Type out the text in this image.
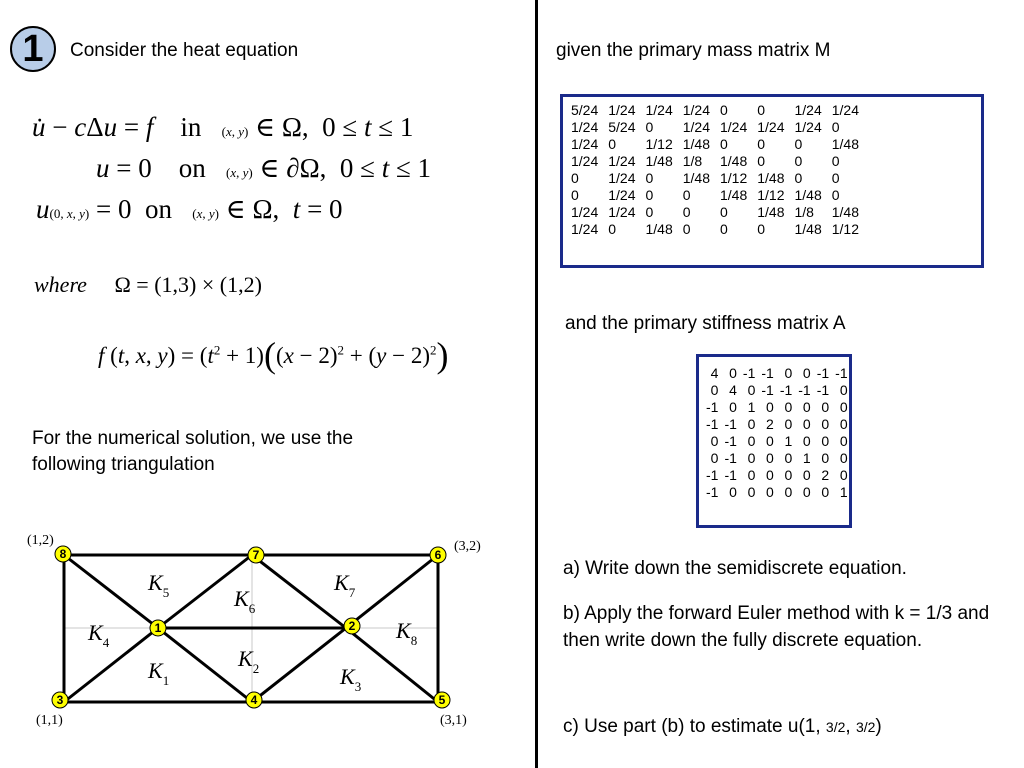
1	Consider the heat equation
u̇ − cΔu = f    in   (x, y) ∈ Ω,  0 ≤ t ≤ 1
u = 0    on   (x, y) ∈ ∂Ω,  0 ≤ t ≤ 1
u(0, x, y) = 0  on   (x, y) ∈ Ω,  t = 0
where     Ω = (1,3) × (1,2)
f (t, x, $y) = (t^2 + 1)((x - 2)^2 + (y - 2)^2)$
For the numerical solution, we use the following triangulation
(1,2)	(3,2)
(1,1)	(3,1)
$K_1$
$K_2$	$K_3$
$K_4$
$K_5$	$K_6$
$K_7$
$K_8$
1	2
3	4	5
6
7
8
given the primary mass matrix M
5/24	1/24	1/24	1/24	0	0	1/24	1/24
1/24	5/24	0	1/24	1/24	1/24	1/24	0
1/24	0	1/12	1/48	0	0	0	1/48
1/24	1/24	1/48	1/8	1/48	0	0	0
0	1/24	0	1/48	1/12	1/48	0	0
0	1/24	0	0	1/48	1/12	1/48	0
1/24	1/24	0	0	0	1/48	1/8	1/48
1/24	0	1/48	0	0	0	1/48	1/12
and the primary stiffness matrix A
4	0	-1	-1	0	0	-1	-1
0	4	0	-1	-1	-1	-1	0
-1	0	1	0	0	0	0	0
-1	-1	0	2	0	0	0	0
0	-1	0	0	1	0	0	0
0	-1	0	0	0	1	0	0
-1	-1	0	0	0	0	2	0
-1	0	0	0	0	0	0	1
a) Write down the semidiscrete equation.
b) Apply the forward Euler method with k = 1/3 and then write down the fully discrete equation.
c) Use part (b) to estimate u(1, 3/2, 3/2)
